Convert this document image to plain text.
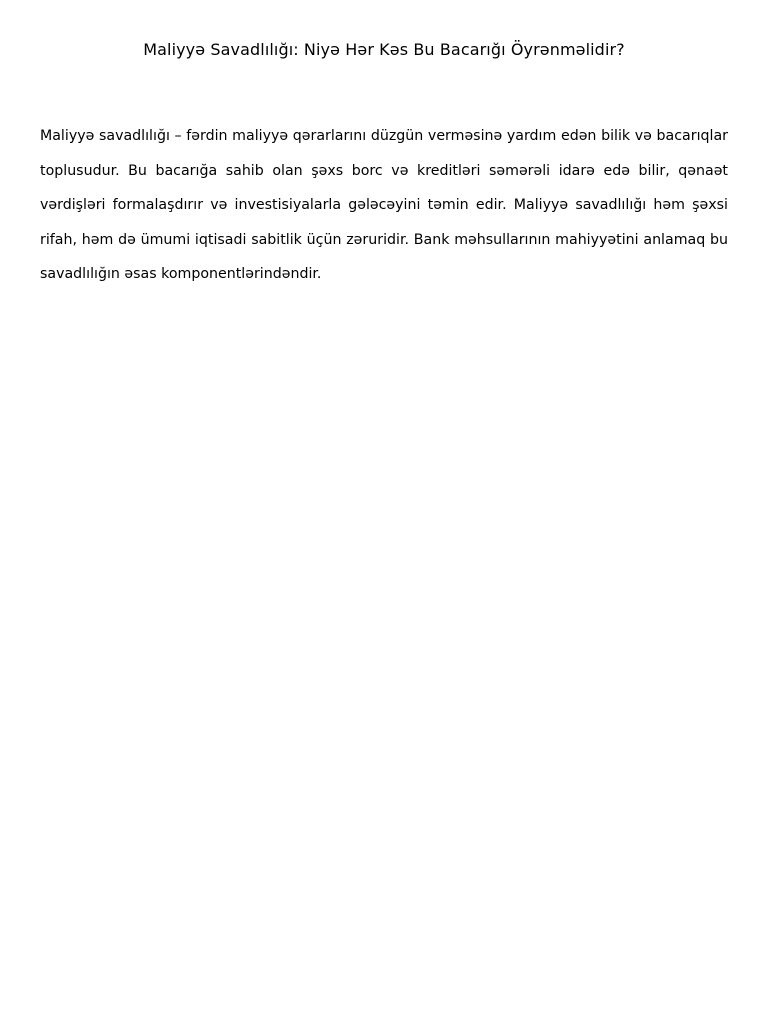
Maliyyə Savadlılığı: Niyə Hər Kəs Bu Bacarığı Öyrənməlidir?

Maliyyə savadlılığı – fərdin maliyyə qərarlarını düzgün verməsinə yardım edən bilik və bacarıqlar toplusudur. Bu bacarığa sahib olan şəxs borc və kreditləri səmərəli idarə edə bilir, qənaət vərdişləri formalaşdırır və investisiyalarla gələcəyini təmin edir. Maliyyə savadlılığı həm şəxsi rifah, həm də ümumi iqtisadi sabitlik üçün zəruridir. Bank məhsullarının mahiyyətini anlamaq bu savadlılığın əsas komponentlərindəndir.
